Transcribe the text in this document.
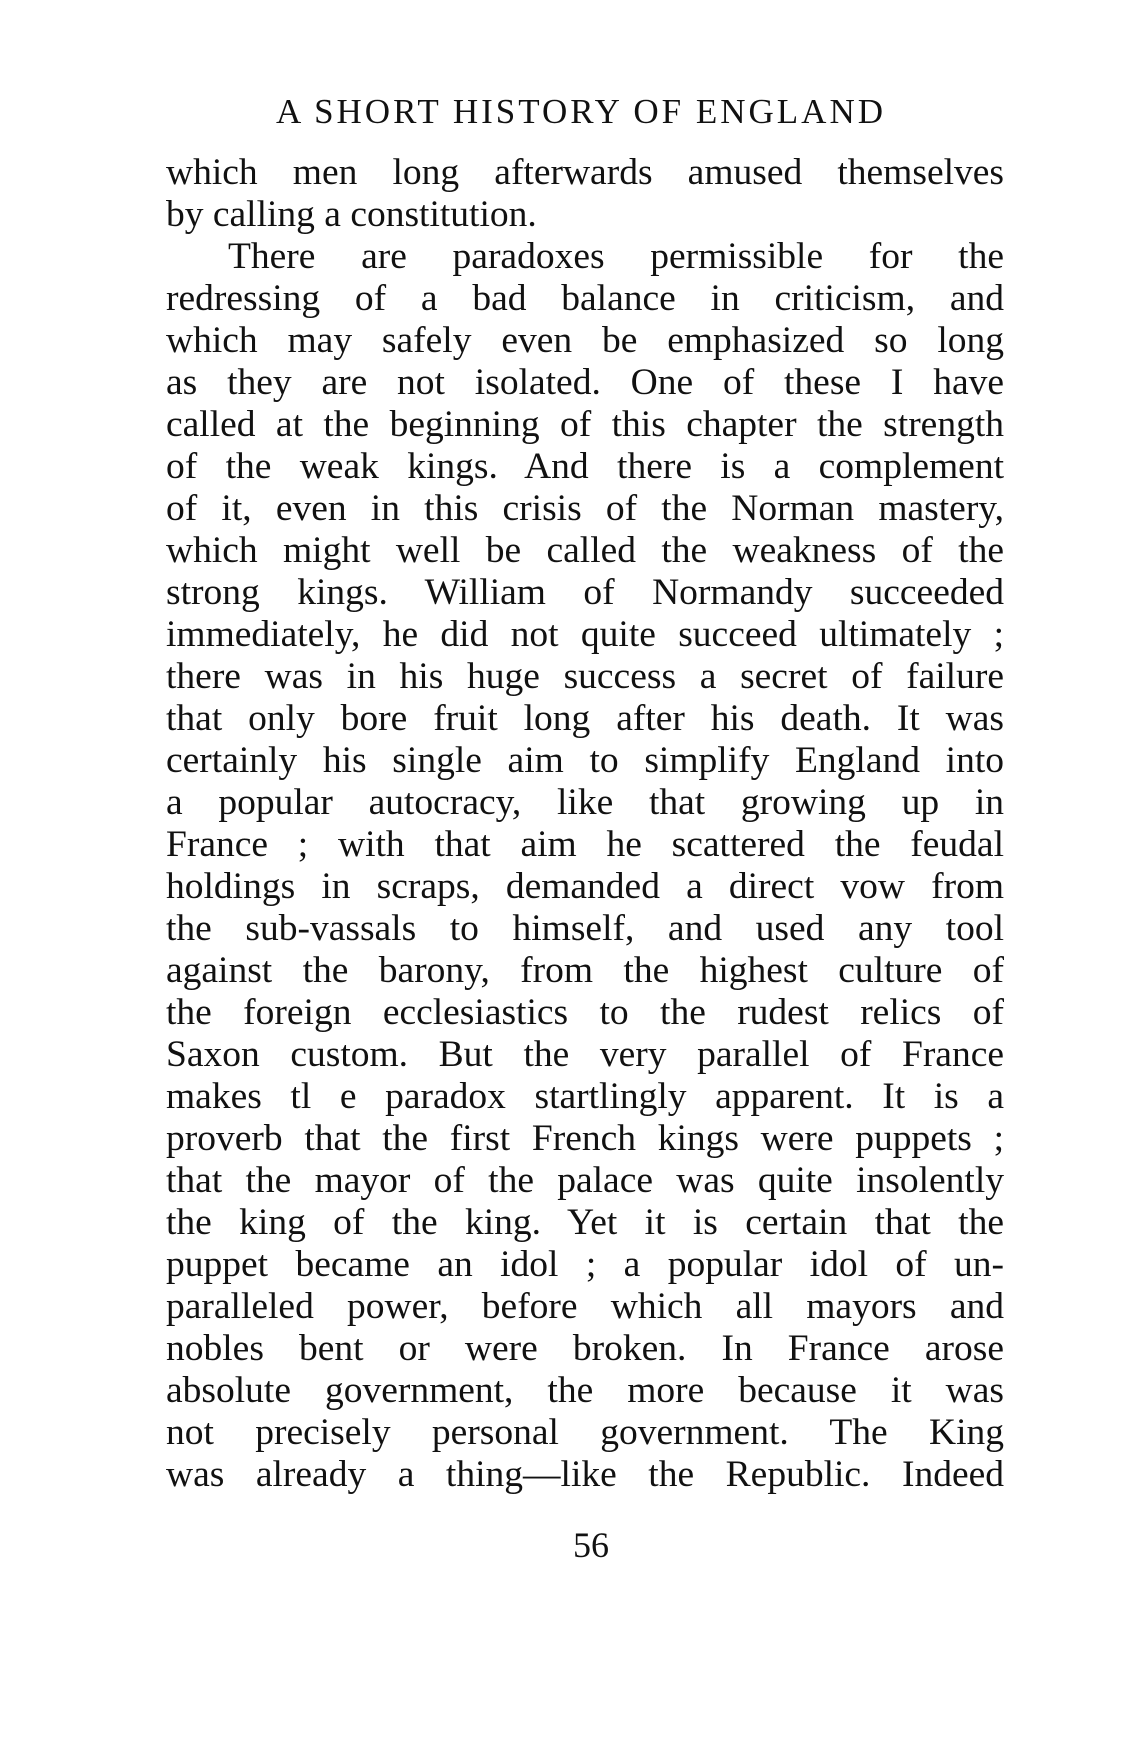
A SHORT HISTORY OF ENGLAND
which men long afterwards amused themselves
by calling a constitution.
There are paradoxes permissible for the
redressing of a bad balance in criticism, and
which may safely even be emphasized so long
as they are not isolated. One of these I have
called at the beginning of this chapter the strength
of the weak kings. And there is a complement
of it, even in this crisis of the Norman mastery,
which might well be called the weakness of the
strong kings. William of Normandy succeeded
immediately, he did not quite succeed ultimately ;
there was in his huge success a secret of failure
that only bore fruit long after his death. It was
certainly his single aim to simplify England into
a popular autocracy, like that growing up in
France ; with that aim he scattered the feudal
holdings in scraps, demanded a direct vow from
the sub-vassals to himself, and used any tool
against the barony, from the highest culture of
the foreign ecclesiastics to the rudest relics of
Saxon custom. But the very parallel of France
makes tl e paradox startlingly apparent. It is a
proverb that the first French kings were puppets ;
that the mayor of the palace was quite insolently
the king of the king. Yet it is certain that the
puppet became an idol ; a popular idol of un-
paralleled power, before which all mayors and
nobles bent or were broken. In France arose
absolute government, the more because it was
not precisely personal government. The King
was already a thing—like the Republic. Indeed
56
